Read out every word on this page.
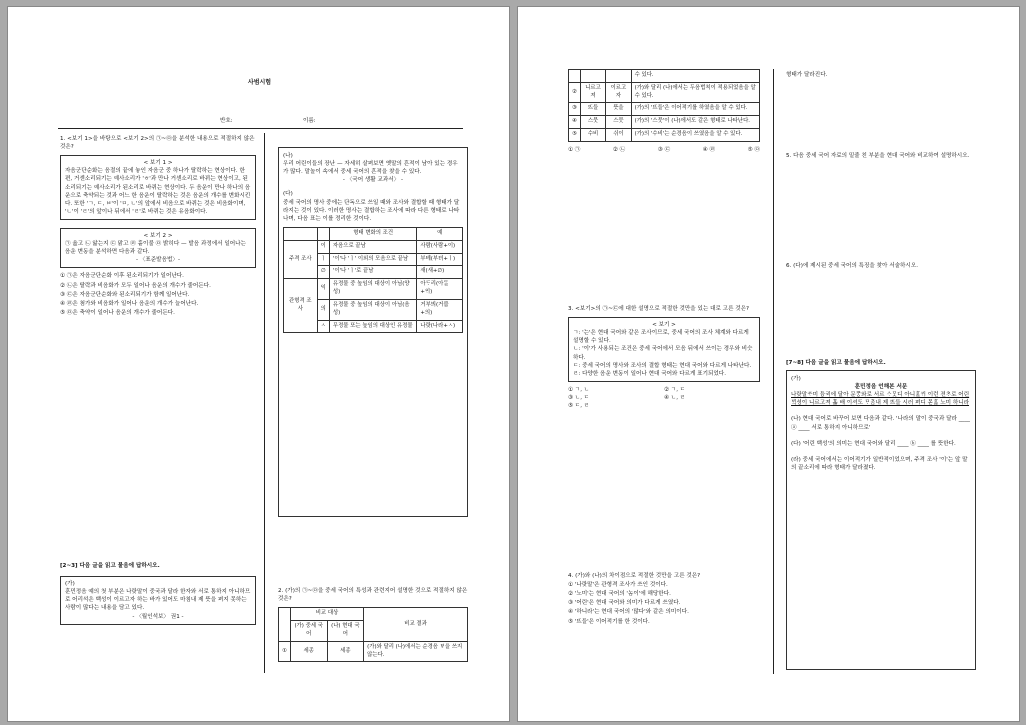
사범시험
반호:	이름:
1. <보기 1>을 바탕으로 <보기 2>의 ㉠~㉤을 분석한 내용으로 적절하지 않은 것은?
< 보기 1 >
자음군단순화는 음절의 끝에 놓인 자음군 중 하나가 탈락하는 현상이다. 한편, 거센소리되기는 예사소리가 'ㅎ'과 만나 거센소리로 바뀌는 현상이고, 된소리되기는 예사소리가 된소리로 바뀌는 현상이다. 두 음운이 만나 하나의 음운으로 축약되는 것과 어느 한 음운이 탈락하는 것은 음운의 개수를 변화시킨다. 또한 'ㄱ, ㄷ, ㅂ'이 'ㅁ, ㄴ'의 앞에서 비음으로 바뀌는 것은 비음화이며, 'ㄴ'이 'ㄹ'의 앞이나 뒤에서 'ㄹ'로 바뀌는 것은 유음화이다.
< 보기 2 >
㉠ 읊고 ㉡ 앓는지 ㉢ 맑고 ㉣ 홑이불 ㉤ 밝히다 — 발음 과정에서 일어나는 음운 변동을 분석하면 다음과 같다.
- 〈표준발음법〉-
① ㉠은 자음군단순화 이후 된소리되기가 일어난다.
② ㉡은 탈락과 비음화가 모두 일어나 음운의 개수가 줄어든다.
③ ㉢은 자음군단순화와 된소리되기가 함께 일어난다.
④ ㉣은 첨가와 비음화가 일어나 음운의 개수가 늘어난다.
⑤ ㉤은 축약이 일어나 음운의 개수가 줄어든다.
[2~3] 다음 글을 읽고 물음에 답하시오.
(가)
훈민정음 예의 첫 부분은 나랏말이 중국과 달라 한자와 서로 통하지 아니하므로 어리석은 백성이 이르고자 하는 바가 있어도 마침내 제 뜻을 펴지 못하는 사람이 많다는 내용을 담고 있다.
- 〈월인석보〉 권1 -
(나)
우리 어린이들의 장난 — 자세히 살펴보면 옛말의 흔적이 남아 있는 경우가 많다. 말놀이 속에서 중세 국어의 흔적을 찾을 수 있다.
- 〈국어 생활 교과서〉 -
(다)
중세 국어의 명사 중에는 단독으로 쓰일 때와 조사와 결합할 때 형태가 달라지는 것이 있다. 이러한 명사는 결합하는 조사에 따라 다른 형태로 나타나며, 다음 표는 이를 정리한 것이다.
		형태 변화의 조건	예
주격 조사	이	자음으로 끝남	사람(사람+이)
	ㅣ	'이'나 'ㅣ' 이외의 모음으로 끝남	부톄(부텨+ㅣ)
	∅	'이'나 'ㅣ'로 끝남	새(새+∅)
관형격 조사	익	유정물 중 높임의 대상이 아님(양성)	아ᄃᆞ리(아ᄃᆞᆯ+ᄋᆡ)
	의	유정물 중 높임의 대상이 아님(음성)	거부븨(거붑+의)
	ㅅ	무정물 또는 높임의 대상인 유정물	나랏(나라+ㅅ)
2. (가)의 ㉠~㉤을 중세 국어의 특성과 관련지어 설명한 것으로 적절하지 않은 것은?
	비교 대상		비교 결과
	(가) 중세 국어	(나) 현대 국어	
①	세종	세종	(가)와 달리 (나)에서는 순경음 ㅸ을 쓰지 않는다.
			수 있다.
②	니르고져	이르고자	(가)와 달리 (나)에서는 두음법칙이 적용되었음을 알 수 있다.
③	뜨들	뜻을	(가)의 '뜨들'은 이어적기를 하였음을 알 수 있다.
④	스뭇	스뭇	(가)의 '스뭇'이 (나)에서도 같은 형태로 나타난다.
⑤	수비	쉬이	(가)의 '수비'는 순경음이 쓰였음을 알 수 있다.
① ㉠	② ㉡	③ ㉢	④ ㉣	⑤ ㉤
3. <보기>의 ㉠~㉢에 대한 설명으로 적절한 것만을 있는 대로 고른 것은?
< 보기 >
ㄱ: '는'은 현대 국어와 같은 조사이므로, 중세 국어의 조사 체계와 다르게 설명할 수 있다.
ㄴ: '이'가 사용되는 조건은 중세 국어에서 모음 뒤에서 쓰이는 경우와 비슷하다.
ㄷ: 중세 국어의 명사와 조사의 결합 형태는 현대 국어와 다르게 나타난다.
ㄹ: 다양한 음운 변동이 일어나 현대 국어와 다르게 표기되었다.
① ㄱ, ㄴ	② ㄱ, ㄷ
③ ㄴ, ㄷ	④ ㄴ, ㄹ
⑤ ㄷ, ㄹ
4. (가)와 (나)의 차이점으로 적절한 것만을 고른 것은?
① '나랏말'은 관형격 조사가 쓰인 것이다.
② '노미'는 현대 국어의 '놈이'에 해당한다.
③ '어린'은 현대 국어와 의미가 다르게 쓰였다.
④ '하니라'는 현대 국어의 '많다'와 같은 의미이다.
⑤ '뜨들'은 이어적기를 한 것이다.
형태가 달라진다.
5. 다음 중세 국어 자료의 밑줄 친 부분을 현대 국어와 비교하여 설명하시오.
6. (다)에 제시된 중세 국어의 특징을 찾아 서술하시오.
[7~8] 다음 글을 읽고 물음에 답하시오.
(가)
훈민정음 언해본 서문
나랏말ᄊᆞ미 듕귁에 달아 문ᄍᆞᆼ와로 서르 ᄉᆞᄆᆞᆺ디 아니ᄒᆞᆯᄊᆡ 이런 젼ᄎᆞ로 어린 ᄇᆡᆨ셩이 니르고져 홇 배 이셔도 ᄆᆞᄎᆞᆷ내 제 ᄠᅳ들 시러 펴디 몯ᄒᆞᇙ 노미 하니라
(나) 현대 국어로 바꾸어 보면 다음과 같다. '나라의 말이 중국과 달라 ____ ⓐ ____ 서로 통하지 아니하므로'
(다) '어린 백성'의 의미는 현대 국어와 달리 ____ ⓑ ____ 를 뜻한다.
(라) 중세 국어에서는 이어적기가 일반적이었으며, 주격 조사 '이'는 앞 말의 끝소리에 따라 형태가 달라졌다.
